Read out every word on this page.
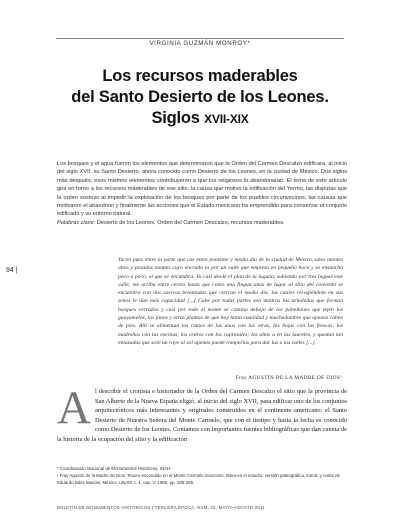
VIRGINIA GUZMÁN MONROY*
Los recursos maderables
del Santo Desierto de los Leones.
Siglos XVII-XIX

Los bosques y el agua fueron los elementos que determinaron que la Orden del Carmen Descalzo edificara, al inicio del siglo XVII, su Santo Desierto, ahora conocido como Desierto de los Leones, en la ciudad de México. Dos siglos más después, esos mismos elementos contribuyeron a que los religiosos lo abandonaran. El tema de este artículo gira en torno a los recursos maderables de ese sitio, la causa que motivó la edificación del Yermo, las disputas que la orden sostuvo al impedir la explotación de los bosques por parte de los pueblos circunvecinos, las causas que motivaron el abandono y finalmente las acciones que el Estado mexicano ha emprendido para conservar el conjunto edificado y su entorno natural.

Palabras clave: Desierto de los Leones, Orden del Carmen Descalzo, recursos maderables.

94 |

Yacen pues entre la parte que cae entre poniente y medio día de la ciudad de México, unos montes altos y pesados montes cuyo encrado es por un valle que empieza en pequeño boca y se ensancha poco a poco, el que se encumbra. Yo casi desde el plan de la laguna, subiendo por tres leguas este valle, me arriba entre cerros hasta que como una fingua unos de lugar al sitio del convento se encuentra con dos aserras levantadas que cierran el medio día, las cuales recogiéndole en sus senos le dan más capacidad [...] Cabe por todas partes son dentras las arboledas que forman bosques cerrados y casi por todo el monte se camina debajo de los pabellones que tejen los guayamelos, los pinos y otras plantas de que hay tanta cuanidad y muchedumbre que apenas caben de pies. Allí se alimentan los ramos de las unas con las otras, las hojas con las frescas, los madroños con las encinas, los cedros con los cupresales; los altos a en las laureles, y quedan tan enlazadas que solo un rayo al sol apenas puede romperlas para dar luz a los valles [...].

Fray AGUSTÍN DE LA MADRE DE DIOS¹
A l describir el cronista e historiador de la Orden del Carmen Descalzo el sitio que la provincia de San Alberto de la Nueva España eligió, al inicio del siglo XVII, para edificar uno de los conjuntos arquitectónicos más interesantes y originales construidos en el continente americano: el Santo Desierto de Nuestra Señora del Monte Carmelo, que con el tiempo y hasta la fecha es conocido como Desierto de los Leones. Contamos con importantes fuentes bibliográficas que dan cuenta de la historia de la ocupación del sitio y la edificación

* Coordinación Nacional de Monumentos Históricos, INAH.

¹ Fray Agustín de la Madre de Dios, Tesoro escondido en el Monte Carmelo mexicano. Mirra en el estudio, versión paleográfica, introd. y notas de Eduardo Báez Macías, México, UNAM, t. 4, cap. V, 1986, pp. 285-286.

BOLETÍN DE MONUMENTOS HISTÓRICOS | TERCERA ÉPOCA, NÚM. 22, MAYO-AGOSTO 2011
